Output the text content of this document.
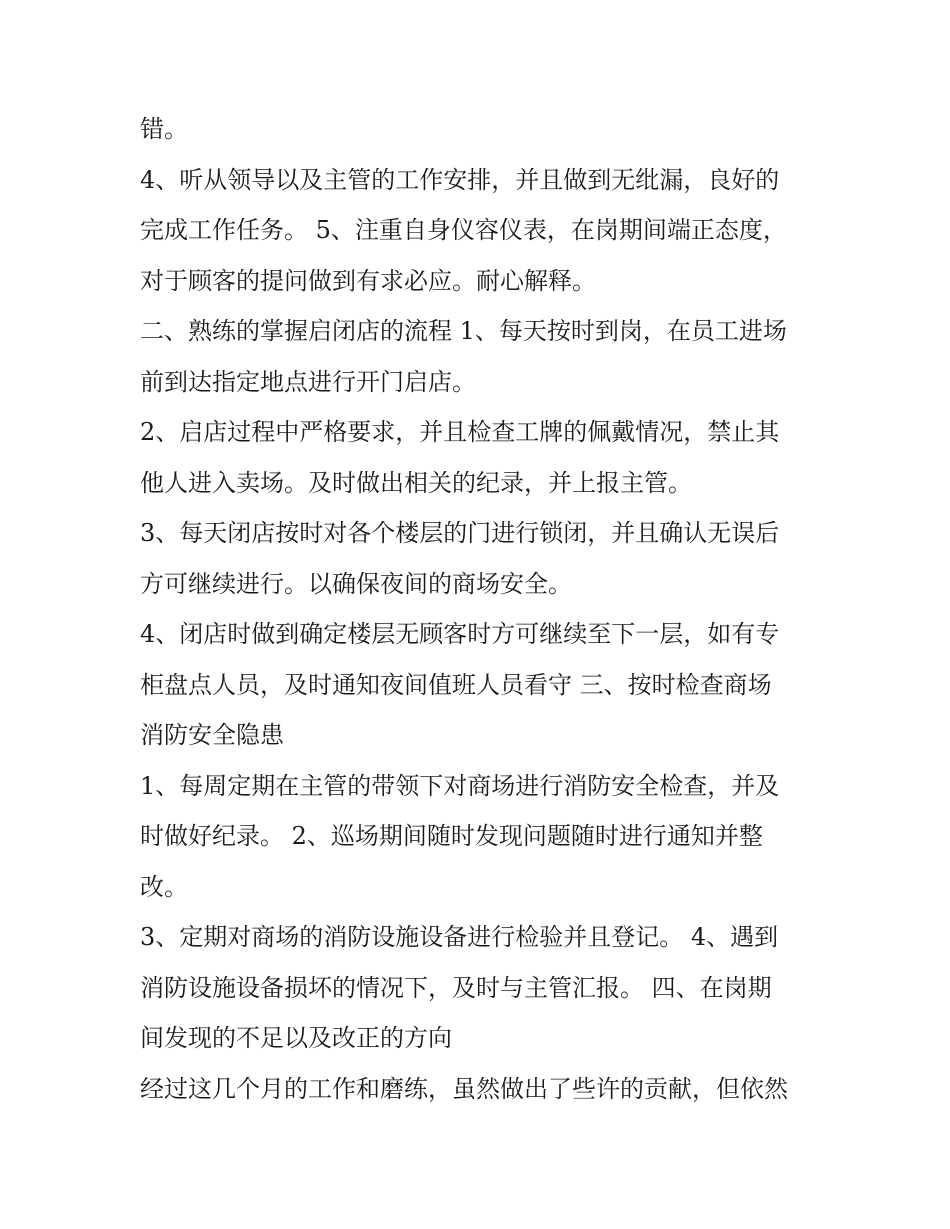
错。
4、听从领导以及主管的工作安排，并且做到无纰漏，良好的
完成工作任务。 5、注重自身仪容仪表，在岗期间端正态度，
对于顾客的提问做到有求必应。耐心解释。
二、熟练的掌握启闭店的流程 1、每天按时到岗，在员工进场
前到达指定地点进行开门启店。
2、启店过程中严格要求，并且检查工牌的佩戴情况，禁止其
他人进入卖场。及时做出相关的纪录，并上报主管。
3、每天闭店按时对各个楼层的门进行锁闭，并且确认无误后
方可继续进行。以确保夜间的商场安全。
4、闭店时做到确定楼层无顾客时方可继续至下一层，如有专
柜盘点人员，及时通知夜间值班人员看守 三、按时检查商场
消防安全隐患
1、每周定期在主管的带领下对商场进行消防安全检查，并及
时做好纪录。 2、巡场期间随时发现问题随时进行通知并整
改。
3、定期对商场的消防设施设备进行检验并且登记。 4、遇到
消防设施设备损坏的情况下，及时与主管汇报。 四、在岗期
间发现的不足以及改正的方向
经过这几个月的工作和磨练，虽然做出了些许的贡献，但依然
